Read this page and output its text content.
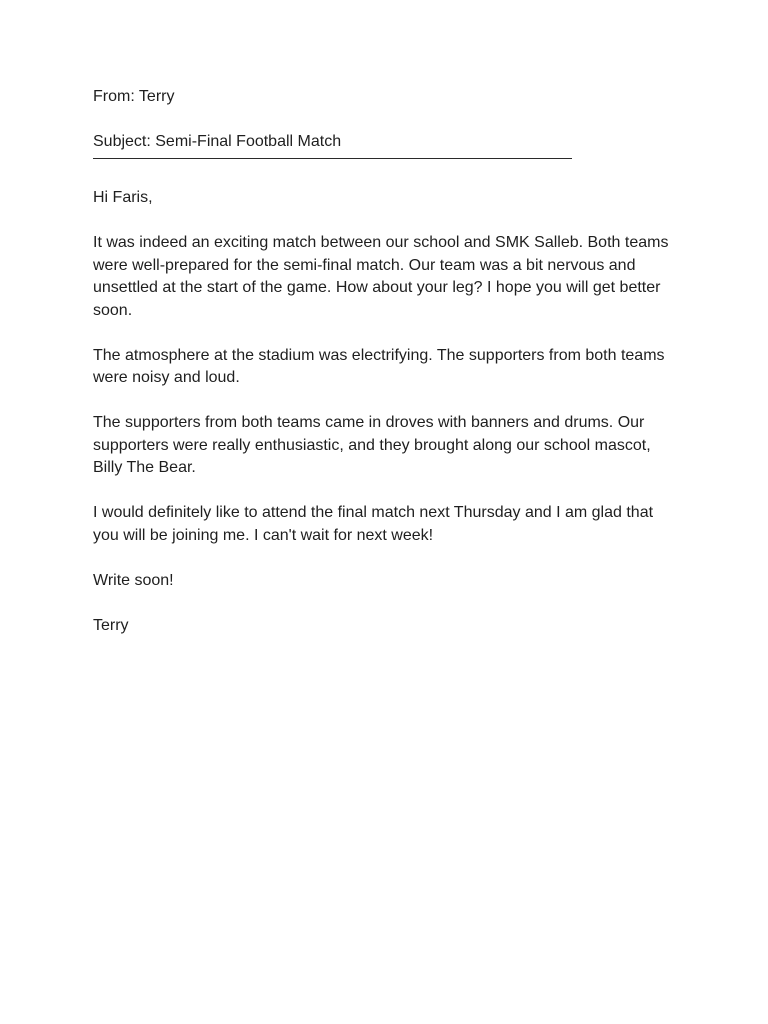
From: Terry

Subject: Semi-Final Football Match

Hi Faris,

It was indeed an exciting match between our school and SMK Salleb. Both teams were well-prepared for the semi-final match. Our team was a bit nervous and unsettled at the start of the game. How about your leg? I hope you will get better soon.

The atmosphere at the stadium was electrifying. The supporters from both teams were noisy and loud.

The supporters from both teams came in droves with banners and drums. Our supporters were really enthusiastic, and they brought along our school mascot, Billy The Bear.

I would definitely like to attend the final match next Thursday and I am glad that you will be joining me. I can't wait for next week!

Write soon!

Terry
